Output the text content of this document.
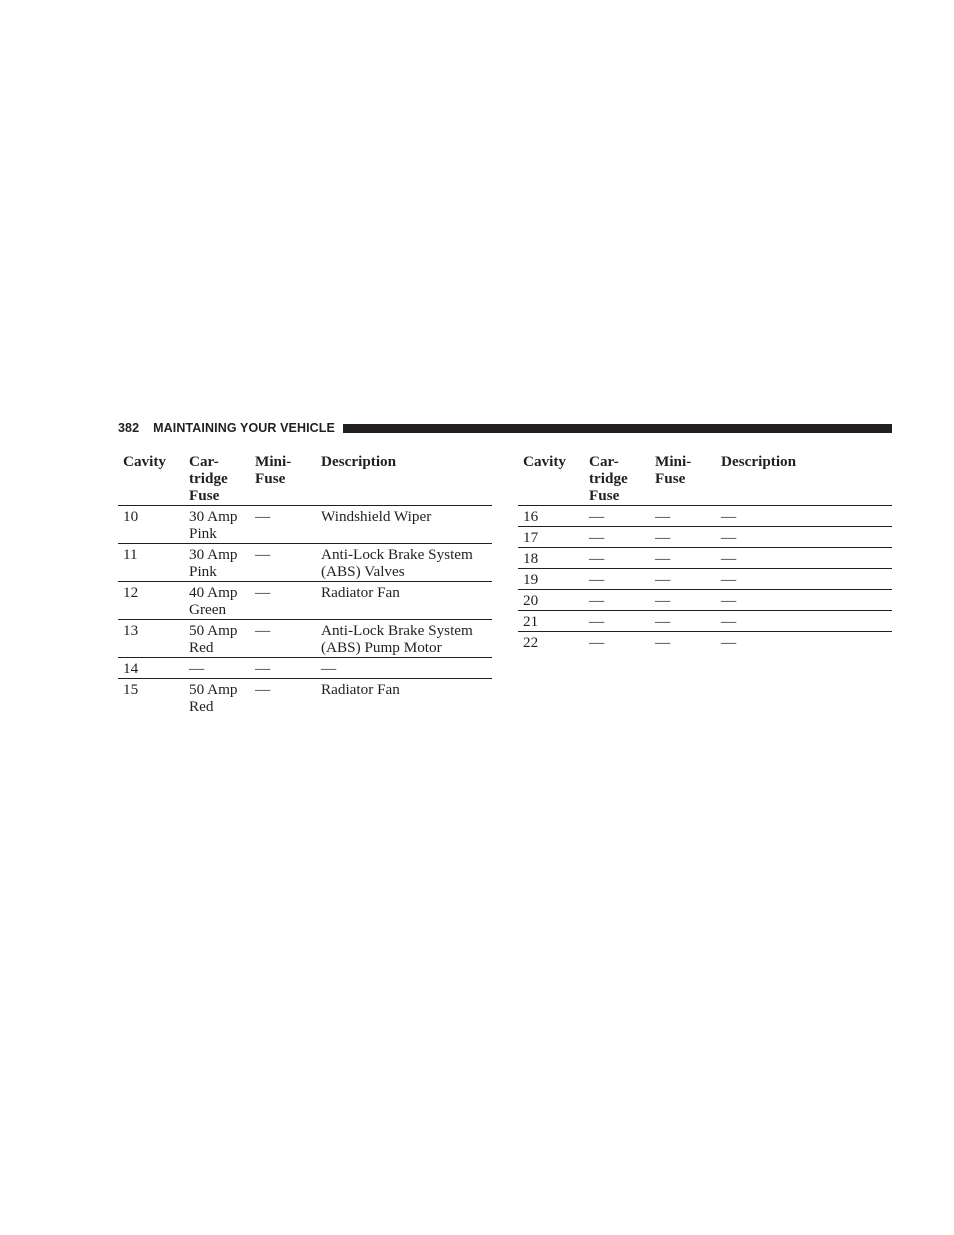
382 MAINTAINING YOUR VEHICLE
Cavity	Car-
tridge
Fuse	Mini-
Fuse	Description
10	30 Amp
Pink	—	Windshield Wiper
11	30 Amp
Pink	—	Anti-Lock Brake System
(ABS) Valves
12	40 Amp
Green	—	Radiator Fan
13	50 Amp
Red	—	Anti-Lock Brake System
(ABS) Pump Motor
14	—	—	—
15	50 Amp
Red	—	Radiator Fan
Cavity	Car-
tridge
Fuse	Mini-
Fuse	Description
16	—	—	—
17	—	—	—
18	—	—	—
19	—	—	—
20	—	—	—
21	—	—	—
22	—	—	—
